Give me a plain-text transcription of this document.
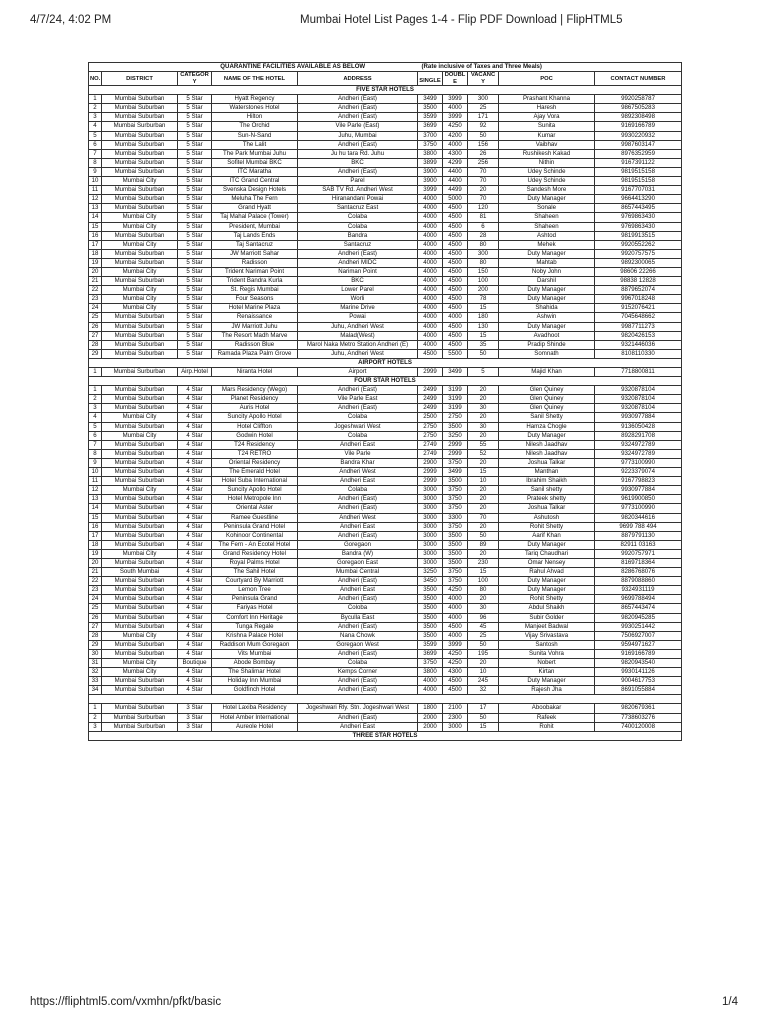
4/7/24, 4:02 PM	Mumbai Hotel List Pages 1-4 - Flip PDF Download | FlipHTML5
QUARANTINE FACILITIES AVAILABLE AS BELOW					(Rate inclusive of Taxes and Three Meals)				
NO.	DISTRICT	CATEGOR Y	NAME OF THE HOTEL	ADDRESS	SINGLE	DOUBL E	VACANC Y	POC	CONTACT NUMBER
FIVE STAR HOTELS									
1	Mumbai Suburban	5 Star	Hyatt Regency	Andheri (East)	3499	3999	300	Prashant Khanna	9920258787
2	Mumbai Suburban	5 Star	Waterstones Hotel	Andheri (East)	3500	4000	25	Haresh	9867505283
3	Mumbai Suburban	5 Star	Hilton	Andheri (East)	3599	3999	171	Ajay Vora	9892308498
4	Mumbai Surburban	5 Star	The Orchid	Vile Parle (East)	3699	4250	92	Sunita	9169166789
5	Mumbai Suburban	5 Star	Sun-N-Sand	Juhu, Mumbai	3700	4200	50	Kumar	9930220932
6	Mumbai Suburban	5 Star	The Lalit	Andheri (East)	3750	4000	156	Vaibhav	9987603147
7	Mumbai Suburban	5 Star	The Park Mumbai Juhu	Ju hu tara Rd. Juhu	3800	4300	26	Rushikesh Kakad	8976352959
8	Mumbai Suburban	5 Star	Sofitel Mumbai BKC	BKC	3899	4299	256	Nithin	9167391122
9	Mumbai Suburban	5 Star	ITC Maratha	Andheri (East)	3900	4400	70	Udey Schinde	9819515158
10	Mumbai City	5 Star	ITC Grand Central	Parel	3900	4400	70	Udey Schinde	9819515158
11	Mumbai Suburban	5 Star	Svenska Design Hotels	SAB TV Rd. Andheri West	3999	4499	20	Sandesh More	9167707031
12	Mumbai Suburban	5 Star	Meluha The Fern	Hiranandani Powai	4000	5000	70	Duty Manager	9664413290
13	Mumbai Suburban	5 Star	Grand Hyatt	Santacruz East	4000	4500	120	Sonale	8657443495
14	Mumbai City	5 Star	Taj Mahal Palace (Tower)	Colaba	4000	4500	81	Shaheen	9769863430
15	Mumbai City	5 Star	President, Mumbai	Colaba	4000	4500	6	Shaheen	9769863430
16	Mumbai Suburban	5 Star	Taj Lands Ends	Bandra	4000	4500	28	Ashtod	9819913515
17	Mumbai City	5 Star	Taj Santacruz	Santacruz	4000	4500	80	Mehek	9920552262
18	Mumbai Suburban	5 Star	JW Marriott Sahar	Andheri (East)	4000	4500	300	Duty Manager	9920757575
19	Mumbai Suburban	5 Star	Radisson	Andheri MIDC	4000	4500	80	Mahtab	9892300065
20	Mumbai City	5 Star	Trident Nariman Point	Nariman Point	4000	4500	150	Noby John	98606 22266
21	Mumbai Suburban	5 Star	Trident Bandra Kurla	BKC	4000	4500	100	Darshil	98838 12828
22	Mumbai City	5 Star	St. Regis Mumbai	Lower Parel	4000	4500	200	Duty Manager	8879652074
23	Mumbai City	5 Star	Four Seasons	Worli	4000	4500	78	Duty Manager	9967018248
24	Mumbai City	5 Star	Hotel Marine Plaza	Marine Drive	4000	4500	15	Shahida	9152076421
25	Mumbai Suburban	5 Star	Renaissance	Powai	4000	4000	180	Ashwin	7045648662
26	Mumbai Suburban	5 Star	JW Marriott Juhu	Juhu, Andheri West	4000	4500	130	Duty Manager	9987711273
27	Mumbai Suburban	5 Star	The Resort Madh Marve	Malad(West)	4000	4500	15	Avadhoot	9820426153
28	Mumbai Suburban	5 Star	Radisson Blue	Marol Naka Metro Station Andheri (E)	4000	4500	35	Pradip Shinde	9321446036
29	Mumbai Suburban	5 Star	Ramada Plaza Palm Grove	Juhu, Andheri West	4500	5500	50	Somnath	8108110330
AIRPORT HOTELS									
1	Mumbai Surburban	Airp.Hotel	Niranta Hotel	Airport	2999	3499	5	Majid Khan	7718800811
FOUR STAR HOTELS									
1	Mumbai Suburban	4 Star	Mars Residency (Wego)	Andheri (East)	2499	3199	20	Glen Quiney	9320878104
2	Mumbai Suburban	4 Star	Planet Residency	Vile Parle East	2499	3199	20	Glen Quiney	9320878104
3	Mumbai Suburban	4 Star	Auris Hotel	Andheri (East)	2499	3199	30	Glen Quiney	9320878104
4	Mumbai City	4 Star	Suncity Apollo Hotel	Colaba	2500	2750	20	Sanil Shetty	9930977884
5	Mumbai Suburban	4 Star	Hotel Cliffton	Jogeshwari West	2750	3500	30	Hamza Chogle	9136050428
6	Mumbai City	4 Star	Godwin Hotel	Colaba	2750	3250	20	Duty Manager	8928291708
7	Mumbai Suburban	4 Star	T24 Residency	Andheri East	2749	2999	55	Nilesh Jaadhav	9324972789
8	Mumbai Suburban	4 Star	T24 RETRO	Vile Parle	2749	2999	52	Nilesh Jaadhav	9324972789
9	Mumbai Suburban	4 Star	Oriental Residency	Bandra Khar	2900	3750	20	Joshua Talkar	9773100990
10	Mumbai Suburban	4 Star	The Emerald Hotel	Andheri West	2999	3499	15	Manthan	9223379074
11	Mumbai Suburban	4 Star	Hotel Suba International	Andheri East	2999	3500	10	Ibrahim Shaikh	9167798823
12	Mumbai City	4 Star	Suncity Apollo Hotel	Colaba	3000	3750	20	Sanil shetty	9930977884
13	Mumbai Suburban	4 Star	Hotel Metropole Inn	Andheri (East)	3000	3750	20	Prateek shetty	9619900850
14	Mumbai Suburban	4 Star	Oriental Aster	Andheri (East)	3000	3750	20	Joshua Talkar	9773100990
15	Mumbai Suburban	4 Star	Ramee Guestline	Andheri West	3000	3300	70	Ashutosh	9820344616
16	Mumbai Suburban	4 Star	Peninsula Grand Hotel	Andheri East	3000	3750	20	Rohit Shetty	9699 788 494
17	Mumbai Suburban	4 Star	Kohinoor Continental	Andheri (East)	3000	3500	50	Aarif Khan	8879791130
18	Mumbai Suburban	4 Star	The Fern - An Ecotel Hotel	Goregaon	3000	3500	89	Duty Manager	82911 03163
19	Mumbai City	4 Star	Grand Residency Hotel	Bandra (W)	3000	3500	20	Tariq Chaudhari	9920757971
20	Mumbai Suburban	4 Star	Royal Palms Hotel	Goregaon East	3000	3500	230	Omar Nensey	8169718364
21	South Mumbai	4 Star	The Sahil Hotel	Mumbai Central	3250	3750	15	Rahul Ahvad	8286768076
22	Mumbai Suburban	4 Star	Courtyard By Marriott	Andheri (East)	3450	3750	100	Duty Manager	8879088860
23	Mumbai Suburban	4 Star	Lemon Tree	Andheri East	3500	4250	80	Duty Manager	9324931119
24	Mumbai Suburban	4 Star	Peninsula Grand	Andheri (East)	3500	4000	20	Rohit Shetty	9699788494
25	Mumbai Suburban	4 Star	Fariyas Hotel	Coloba	3500	4000	30	Abdul Shaikh	8657443474
26	Mumbai Suburban	4 Star	Comfort Inn Heritage	Byculla East	3500	4000	96	Subir Golder	9820945285
27	Mumbai Suburban	4 Star	Tunga Regale	Andheri (East)	3500	4500	45	Manjeet Badwal	9930251442
28	Mumbai City	4 Star	Krishna Palace Hotel	Nana Chowk	3500	4000	25	Vijay Srivastava	7506927007
29	Mumbai Suburban	4 Star	Raddison Mum Goregaon	Goregaon West	3599	3999	50	Santosh	9594971627
30	Mumbai Suburban	4 Star	Vits Mumbai	Andheri (East)	3699	4250	195	Sunita Vohra	9169166789
31	Mumbai City	Boutique	Abode Bombay	Colaba	3750	4250	20	Nobert	9820943540
32	Mumbai City	4 Star	The Shalimar Hotel	Kemps Corner	3800	4300	10	Kirtan	9930141126
33	Mumbai Suburban	4 Star	Holiday Inn Mumbai	Andheri (East)	4000	4500	245	Duty Manager	9004617753
34	Mumbai Suburban	4 Star	Goldfinch Hotel	Andheri (East)	4000	4500	32	Rajesh Jha	8691055884

1	Mumbai Suburban	3 Star	Hotel Laxiba Residency	Jogeshwari Rly. Stn. Jogeshwari West	1800	2100	17	Aboobakar	9820679361
2	Mumbai Surburban	3 Star	Hotel Amber International	Andheri (East)	2000	2300	50	Rafeek	7738603276
3	Mumbai Surburban	3 Star	Aureole Hotel	Andheri East	2000	3000	15	Rohit	7400120008
THREE STAR HOTELS									
https://fliphtml5.com/vxmhn/pfkt/basic	1/4
